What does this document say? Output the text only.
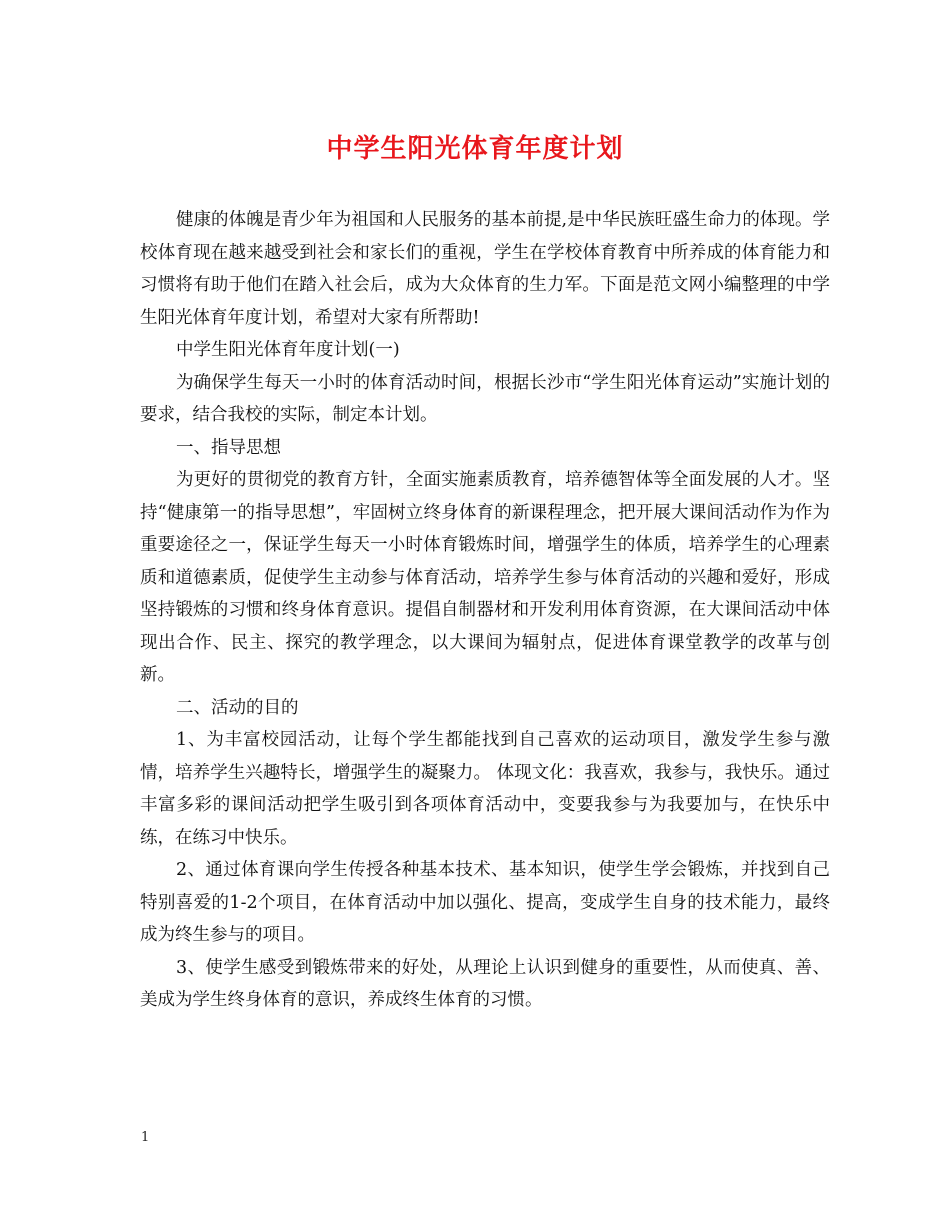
中学生阳光体育年度计划

健康的体魄是青少年为祖国和人民服务的基本前提,是中华民族旺盛生命力的体现。学校体育现在越来越受到社会和家长们的重视，学生在学校体育教育中所养成的体育能力和习惯将有助于他们在踏入社会后，成为大众体育的生力军。下面是范文网小编整理的中学生阳光体育年度计划，希望对大家有所帮助!

中学生阳光体育年度计划(一)

为确保学生每天一小时的体育活动时间，根据长沙市“学生阳光体育运动”实施计划的要求，结合我校的实际，制定本计划。

一、指导思想

为更好的贯彻党的教育方针，全面实施素质教育，培养德智体等全面发展的人才。坚持“健康第一的指导思想”，牢固树立终身体育的新课程理念，把开展大课间活动作为作为重要途径之一，保证学生每天一小时体育锻炼时间，增强学生的体质，培养学生的心理素质和道德素质，促使学生主动参与体育活动，培养学生参与体育活动的兴趣和爱好，形成坚持锻炼的习惯和终身体育意识。提倡自制器材和开发利用体育资源，在大课间活动中体现出合作、民主、探究的教学理念，以大课间为辐射点，促进体育课堂教学的改革与创新。

二、活动的目的

1、为丰富校园活动，让每个学生都能找到自己喜欢的运动项目，激发学生参与激情，培养学生兴趣特长，增强学生的凝聚力。 体现文化：我喜欢，我参与，我快乐。通过丰富多彩的课间活动把学生吸引到各项体育活动中，变要我参与为我要加与，在快乐中练，在练习中快乐。

2、通过体育课向学生传授各种基本技术、基本知识，使学生学会锻炼，并找到自己特别喜爱的1-2个项目，在体育活动中加以强化、提高，变成学生自身的技术能力，最终成为终生参与的项目。

3、使学生感受到锻炼带来的好处，从理论上认识到健身的重要性，从而使真、善、美成为学生终身体育的意识，养成终生体育的习惯。

1
